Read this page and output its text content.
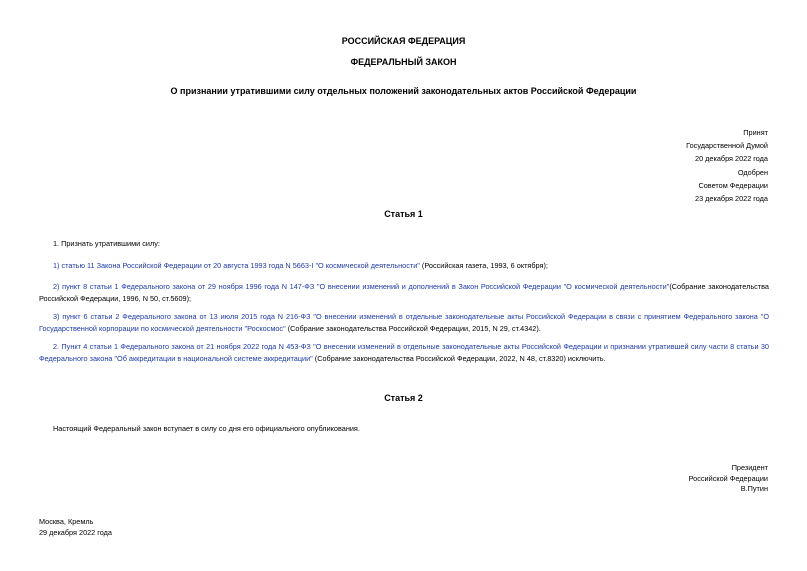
РОССИЙСКАЯ ФЕДЕРАЦИЯ
ФЕДЕРАЛЬНЫЙ ЗАКОН
О признании утратившими силу отдельных положений законодательных актов Российской Федерации
Принят
Государственной Думой
20 декабря 2022 года
Одобрен
Советом Федерации
23 декабря 2022 года
Статья 1
1. Признать утратившими силу:
1) статью 11 Закона Российской Федерации от 20 августа 1993 года N 5663-I "О космической деятельности" (Российская газета, 1993, 6 октября);
2) пункт 8 статьи 1 Федерального закона от 29 ноября 1996 года N 147-ФЗ "О внесении изменений и дополнений в Закон Российской Федерации "О космической деятельности"(Собрание законодательства Российской Федерации, 1996, N 50, ст.5609);
3) пункт 6 статьи 2 Федерального закона от 13 июля 2015 года N 216-ФЗ "О внесении изменений в отдельные законодательные акты Российской Федерации в связи с принятием Федерального закона "О Государственной корпорации по космической деятельности "Роскосмос" (Собрание законодательства Российской Федерации, 2015, N 29, ст.4342).
2. Пункт 4 статьи 1 Федерального закона от 21 ноября 2022 года N 453-ФЗ "О внесении изменений в отдельные законодательные акты Российской Федерации и признании утратившей силу части 8 статьи 30 Федерального закона "Об аккредитации в национальной системе аккредитации" (Собрание законодательства Российской Федерации, 2022, N 48, ст.8320) исключить.
Статья 2
Настоящий Федеральный закон вступает в силу со дня его официального опубликования.
Президент
Российской Федерации
В.Путин
Москва, Кремль
29 декабря 2022 года
